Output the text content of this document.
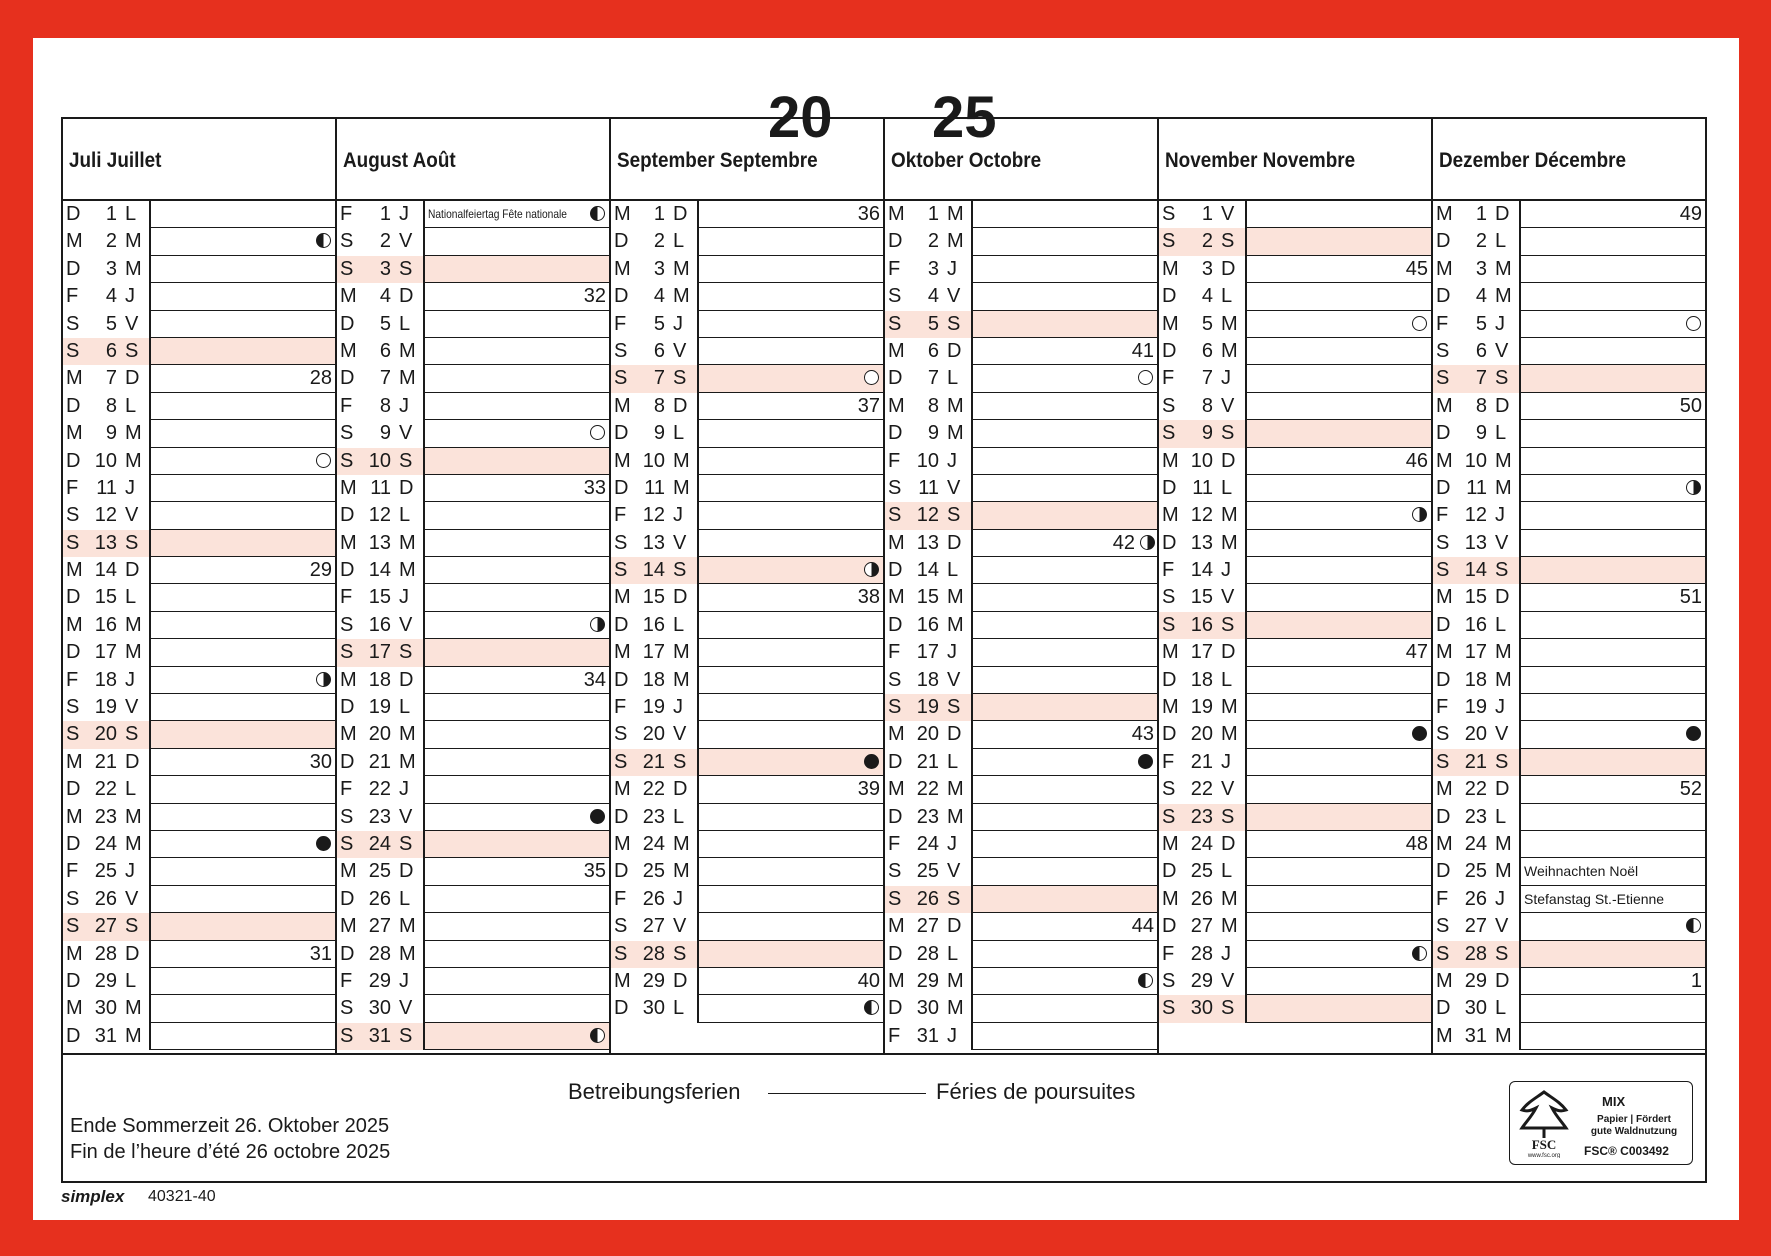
20 25
Juli Juillet
D	1 L
M	2 M
D	3 M
F	4 J
S	5 V
S	6 S
M	7 D	28
D	8 L
M	9 M
D 10 M
F 11 J
S 12 V
S 13 S
M 14 D	29
D 15 L
M 16 M
D 17 M
F 18 J
S 19 V
S 20 S
M 21 D	30
D 22 L
M 23 M
D 24 M
F 25 J
S 26 V
S 27 S
M 28 D	31
D 29 L
M 30 M
D 31 M
August Août
F	1 J	Nationalfeiertag Fête nationale
S	2 V
S	3 S
M	4 D	32
D	5 L
M	6 M
D	7 M
F	8 J
S	9 V
S 10 S
M 11 D	33
D 12 L
M 13 M
D 14 M
F 15 J
S 16 V
S 17 S
M 18 D	34
D 19 L
M 20 M
D 21 M
F 22 J
S 23 V
S 24 S
M 25 D	35
D 26 L
M 27 M
D 28 M
F 29 J
S 30 V
S 31 S
September Septembre
M	1 D	36
D	2 L
M	3 M
D	4 M
F	5 J
S	6 V
S	7 S
M	8 D	37
D	9 L
M 10 M
D 11 M
F 12 J
S 13 V
S 14 S
M 15 D	38
D 16 L
M 17 M
D 18 M
F 19 J
S 20 V
S 21 S
M 22 D	39
D 23 L
M 24 M
D 25 M
F 26 J
S 27 V
S 28 S
M 29 D	40
D 30 L
Oktober Octobre
M	1 M
D	2 M
F	3 J
S	4 V
S	5 S
M	6 D	41
D	7 L
M	8 M
D	9 M
F 10 J
S 11 V
S 12 S
M 13 D	42
D 14 L
M 15 M
D 16 M
F 17 J
S 18 V
S 19 S
M 20 D	43
D 21 L
M 22 M
D 23 M
F 24 J
S 25 V
S 26 S
M 27 D	44
D 28 L
M 29 M
D 30 M
F 31 J
November Novembre
S	1 V
S	2 S
M	3 D	45
D	4 L
M	5 M
D	6 M
F	7 J
S	8 V
S	9 S
M 10 D	46
D 11 L
M 12 M
D 13 M
F 14 J
S 15 V
S 16 S
M 17 D	47
D 18 L
M 19 M
D 20 M
F 21 J
S 22 V
S 23 S
M 24 D	48
D 25 L
M 26 M
D 27 M
F 28 J
S 29 V
S 30 S
Dezember Décembre
M	1 D	49
D	2 L
M	3 M
D	4 M
F	5 J
S	6 V
S	7 S
M	8 D	50
D	9 L
M 10 M
D 11 M
F 12 J
S 13 V
S 14 S
M 15 D	51
D 16 L
M 17 M
D 18 M
F 19 J
S 20 V
S 21 S
M 22 D	52
D 23 L
M 24 M
D 25 M Weihnachten Noël
F 26 J	Stefanstag St.-Etienne
S 27 V
S 28 S
M 29 D	1
D 30 L
M 31 M
Betreibungsferien	Féries de poursuites
Ende Sommerzeit 26. Oktober 2025
Fin de l’heure d’été 26 octobre 2025	FSC
www.fsc.org
MIX
Papier | Fördert
gute Waldnutzung
FSC® C003492
simplex 40321-40
